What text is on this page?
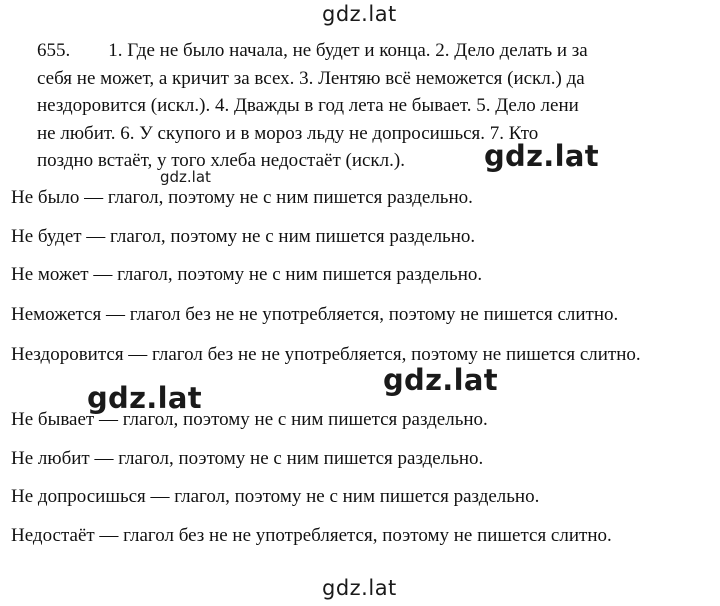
655. 1. Где не было начала, не будет и конца. 2. Дело делать и за
себя не может, а кричит за всех. 3. Лентяю всё неможется (искл.) да
нездоровится (искл.). 4. Дважды в год лета не бывает. 5. Дело лени
не любит. 6. У скупого и в мороз льду не допросишься. 7. Кто
поздно встаёт, у того хлеба недостаёт (искл.).
Не было — глагол, поэтому не с ним пишется раздельно.
Не будет — глагол, поэтому не с ним пишется раздельно.
Не может — глагол, поэтому не с ним пишется раздельно.
Неможется — глагол без не не употребляется, поэтому не пишется слитно.
Нездоровится — глагол без не не употребляется, поэтому не пишется слитно.
Не бывает — глагол, поэтому не с ним пишется раздельно.
Не любит — глагол, поэтому не с ним пишется раздельно.
Не допросишься — глагол, поэтому не с ним пишется раздельно.
Недостаёт — глагол без не не употребляется, поэтому не пишется слитно.
gdz.lat
gdz.lat
gdz.lat
gdz.lat
gdz.lat
gdz.lat
